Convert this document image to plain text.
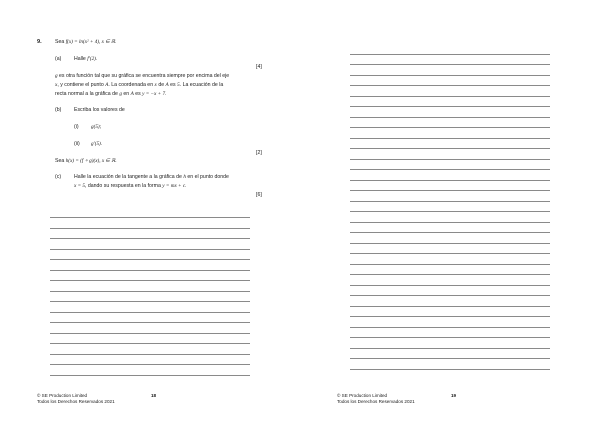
9.	Sea f(x) = ln(x² + 4), x ∈ ℝ.
(a) Halle f′(2).
[4]
g es otra función tal que su gráfica se encuentra siempre por encima del eje
x, y contiene el punto A. La coordenada en x de A es 5. La ecuación de la
recta normal a la gráfica de g en A es y = −x + 7.
(b) Escriba los valores de
(i) g(5);
(ii) g′(5).
[2]
Sea h(x) = (f ∘ g)(x), x ∈ ℝ.
(c) Halle la ecuación de la tangente a la gráfica de h en el punto donde
x = 5, dando su respuesta en la forma y = mx + c.
[6]
© SE Production Limited
Todos los Derechos Reservados 2021
18	© SE Production Limited
Todos los Derechos Reservados 2021
19
